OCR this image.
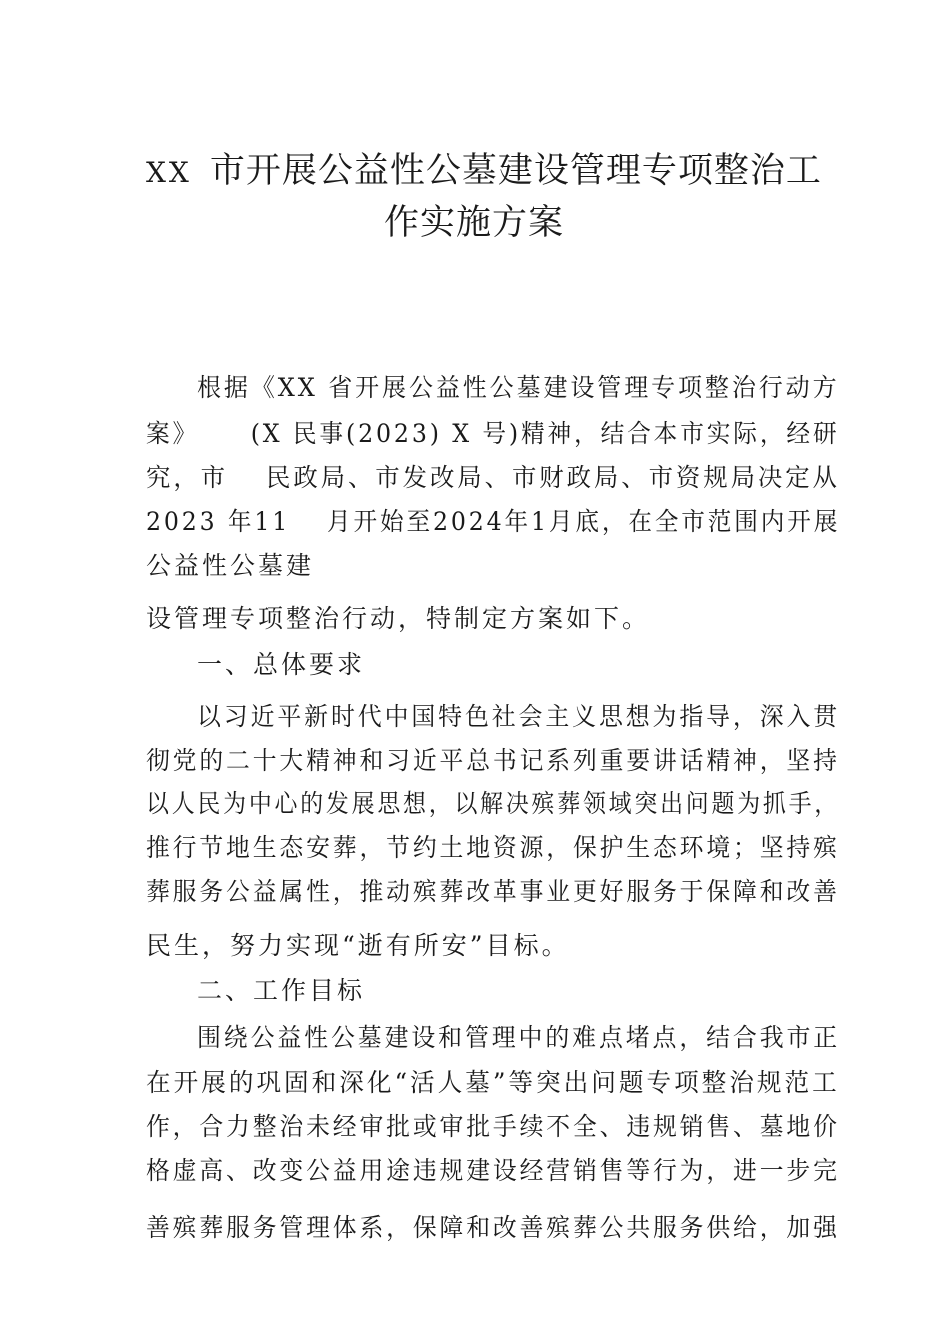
XX 市开展公益性公墓建设管理专项整治工
作实施方案
根据《XX 省开展公益性公墓建设管理专项整治行动方
案》　　 (X 民事(2023) X 号)精神，结合本市实际，经研
究，市　 民政局、市发改局、市财政局、市资规局决定从
2023 年11　 月开始至2024年1月底，在全市范围内开展
公益性公墓建
设管理专项整治行动，特制定方案如下。
一、总体要求
以习近平新时代中国特色社会主义思想为指导，深入贯
彻党的二十大精神和习近平总书记系列重要讲话精神，坚持
以人民为中心的发展思想，以解决殡葬领域突出问题为抓手，
推行节地生态安葬，节约土地资源，保护生态环境；坚持殡
葬服务公益属性，推动殡葬改革事业更好服务于保障和改善
民生，努力实现“逝有所安”目标。
二、工作目标
围绕公益性公墓建设和管理中的难点堵点，结合我市正
在开展的巩固和深化“活人墓”等突出问题专项整治规范工
作，合力整治未经审批或审批手续不全、违规销售、墓地价
格虚高、改变公益用途违规建设经营销售等行为，进一步完
善殡葬服务管理体系，保障和改善殡葬公共服务供给，加强
